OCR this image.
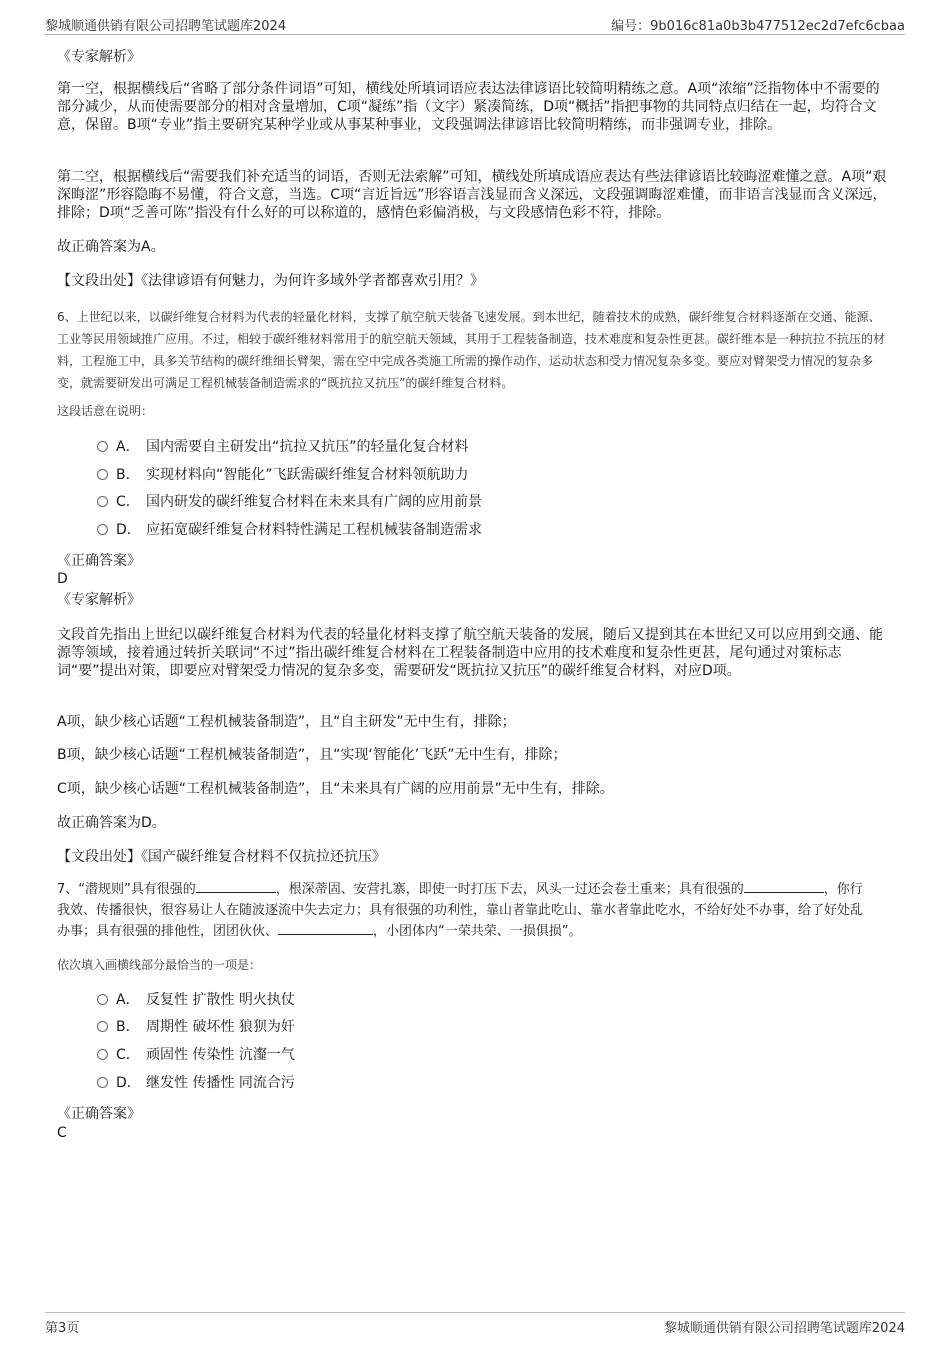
黎城顺通供销有限公司招聘笔试题库2024	编号：9b016c81a0b3b477512ec2d7efc6cbaa
《专家解析》
第一空，根据横线后“省略了部分条件词语”可知，横线处所填词语应表达法律谚语比较简明精练之意。A项“浓缩”泛指物体中不需要的部分减少，从而使需要部分的相对含量增加，C项“凝练”指（文字）紧凑简练，D项“概括”指把事物的共同特点归结在一起，均符合文意，保留。B项“专业”指主要研究某种学业或从事某种事业，文段强调法律谚语比较简明精练，而非强调专业，排除。
第二空，根据横线后“需要我们补充适当的词语，否则无法索解”可知，横线处所填成语应表达有些法律谚语比较晦涩难懂之意。A项“艰深晦涩”形容隐晦不易懂，符合文意，当选。C项“言近旨远”形容语言浅显而含义深远，文段强调晦涩难懂，而非语言浅显而含义深远，排除；D项“乏善可陈”指没有什么好的可以称道的，感情色彩偏消极，与文段感情色彩不符，排除。
故正确答案为A。
【文段出处】《法律谚语有何魅力，为何许多域外学者都喜欢引用？》
6、上世纪以来，以碳纤维复合材料为代表的轻量化材料，支撑了航空航天装备飞速发展。到本世纪，随着技术的成熟，碳纤维复合材料逐渐在交通、能源、工业等民用领域推广应用。不过，相较于碳纤维材料常用于的航空航天领域，其用于工程装备制造，技术难度和复杂性更甚。碳纤维本是一种抗拉不抗压的材料，工程施工中，具多关节结构的碳纤维细长臂架，需在空中完成各类施工所需的操作动作，运动状态和受力情况复杂多变。要应对臂架受力情况的复杂多变，就需要研发出可满足工程机械装备制造需求的“既抗拉又抗压”的碳纤维复合材料。
这段话意在说明：
A． 国内需要自主研发出“抗拉又抗压”的轻量化复合材料
B． 实现材料向“智能化”飞跃需碳纤维复合材料领航助力
C． 国内研发的碳纤维复合材料在未来具有广阔的应用前景
D． 应拓宽碳纤维复合材料特性满足工程机械装备制造需求
《正确答案》
D
《专家解析》
文段首先指出上世纪以碳纤维复合材料为代表的轻量化材料支撑了航空航天装备的发展，随后又提到其在本世纪又可以应用到交通、能源等领域，接着通过转折关联词“不过”指出碳纤维复合材料在工程装备制造中应用的技术难度和复杂性更甚，尾句通过对策标志词“要”提出对策，即要应对臂架受力情况的复杂多变，需要研发“既抗拉又抗压”的碳纤维复合材料，对应D项。
A项，缺少核心话题“工程机械装备制造”，且“自主研发”无中生有，排除；
B项，缺少核心话题“工程机械装备制造”，且“实现‘智能化’飞跃”无中生有，排除；
C项，缺少核心话题“工程机械装备制造”，且“未来具有广阔的应用前景”无中生有，排除。
故正确答案为D。
【文段出处】《国产碳纤维复合材料不仅抗拉还抗压》
7、“潜规则”具有很强的	，根深蒂固、安营扎寨，即使一时打压下去，风头一过还会卷土重来；具有很强的	，你行
我效、传播很快，很容易让人在随波逐流中失去定力；具有很强的功利性，靠山者靠此吃山、靠水者靠此吃水，不给好处不办事，给了好处乱
办事；具有很强的排他性，团团伙伙、	，小团体内“一荣共荣、一损俱损”。
依次填入画横线部分最恰当的一项是：
A． 反复性 扩散性 明火执仗
B． 周期性 破坏性 狼狈为奸
C． 顽固性 传染性 沆瀣一气
D． 继发性 传播性 同流合污
《正确答案》
C
第3页	黎城顺通供销有限公司招聘笔试题库2024
